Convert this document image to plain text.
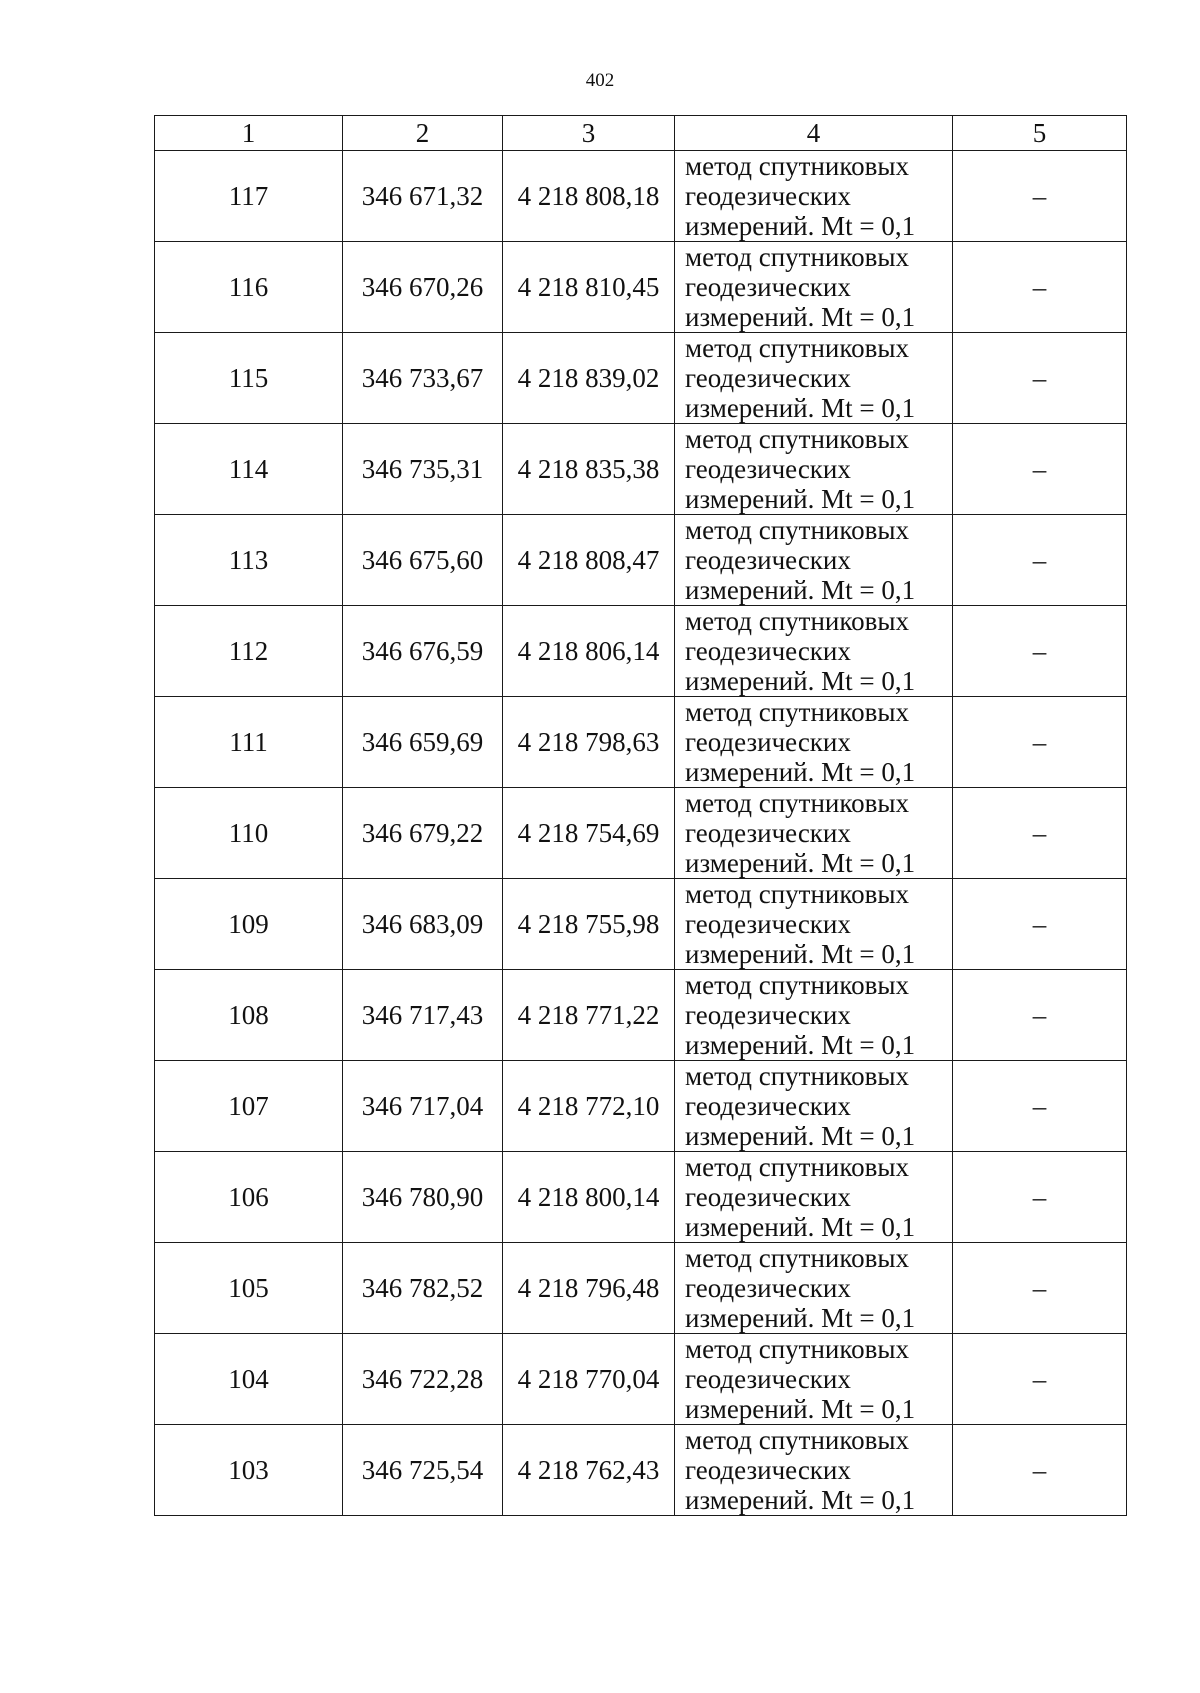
402
1	2	3	4	5
117	346 671,32	4 218 808,18	метод спутниковых геодезических измерений. Mt = 0,1	–
116	346 670,26	4 218 810,45	метод спутниковых геодезических измерений. Mt = 0,1	–
115	346 733,67	4 218 839,02	метод спутниковых геодезических измерений. Mt = 0,1	–
114	346 735,31	4 218 835,38	метод спутниковых геодезических измерений. Mt = 0,1	–
113	346 675,60	4 218 808,47	метод спутниковых геодезических измерений. Mt = 0,1	–
112	346 676,59	4 218 806,14	метод спутниковых геодезических измерений. Mt = 0,1	–
111	346 659,69	4 218 798,63	метод спутниковых геодезических измерений. Mt = 0,1	–
110	346 679,22	4 218 754,69	метод спутниковых геодезических измерений. Mt = 0,1	–
109	346 683,09	4 218 755,98	метод спутниковых геодезических измерений. Mt = 0,1	–
108	346 717,43	4 218 771,22	метод спутниковых геодезических измерений. Mt = 0,1	–
107	346 717,04	4 218 772,10	метод спутниковых геодезических измерений. Mt = 0,1	–
106	346 780,90	4 218 800,14	метод спутниковых геодезических измерений. Mt = 0,1	–
105	346 782,52	4 218 796,48	метод спутниковых геодезических измерений. Mt = 0,1	–
104	346 722,28	4 218 770,04	метод спутниковых геодезических измерений. Mt = 0,1	–
103	346 725,54	4 218 762,43	метод спутниковых геодезических измерений. Mt = 0,1	–
